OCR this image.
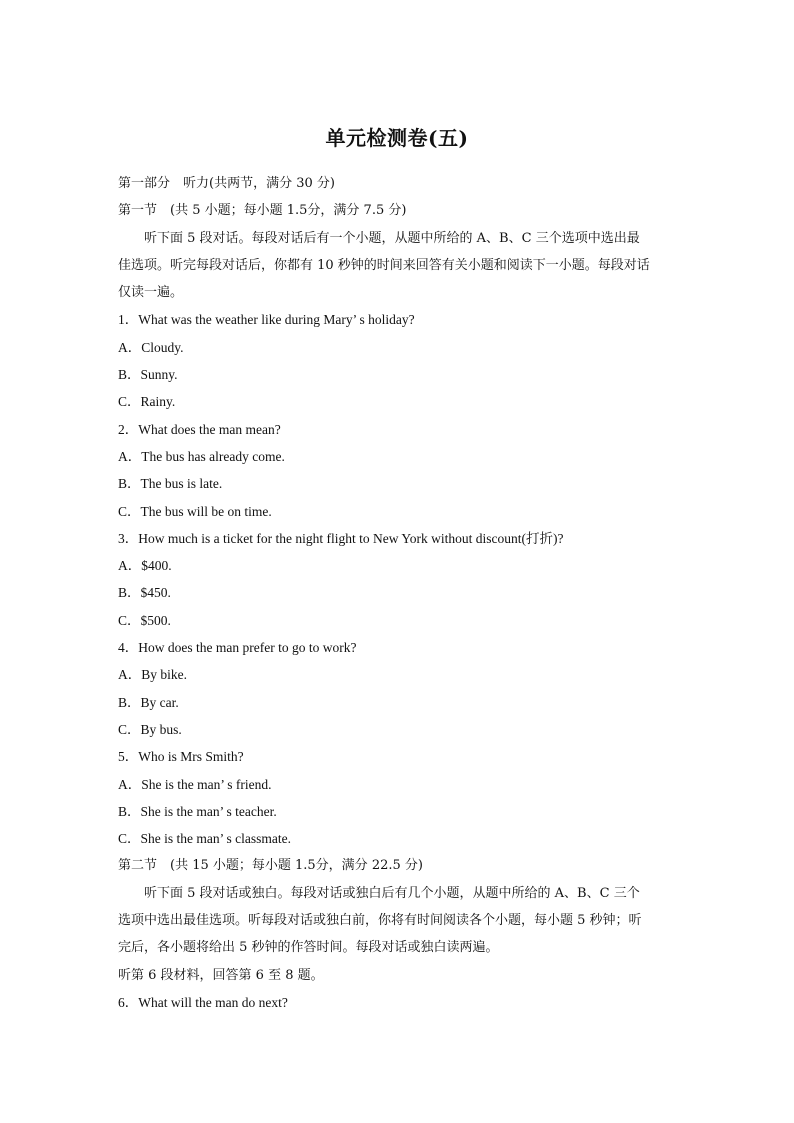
单元检测卷(五)
第一部分　听力(共两节，满分 30 分)
第一节　(共 5 小题；每小题 1.5分，满分 7.5 分)
听下面 5 段对话。每段对话后有一个小题，从题中所给的 A、B、C 三个选项中选出最
佳选项。听完每段对话后，你都有 10 秒钟的时间来回答有关小题和阅读下一小题。每段对话
仅读一遍。
1．What was the weather like during Mary’ s holiday?
A．Cloudy.
B．Sunny.
C．Rainy.
2．What does the man mean?
A．The bus has already come.
B．The bus is late.
C．The bus will be on time.
3．How much is a ticket for the night flight to New York without discount(打折)?
A．$400.
B．$450.
C．$500.
4．How does the man prefer to go to work?
A．By bike.
B．By car.
C．By bus.
5．Who is Mrs Smith?
A．She is the man’ s friend.
B．She is the man’ s teacher.
C．She is the man’ s classmate.
第二节　(共 15 小题；每小题 1.5分，满分 22.5 分)
听下面 5 段对话或独白。每段对话或独白后有几个小题，从题中所给的 A、B、C 三个
选项中选出最佳选项。听每段对话或独白前，你将有时间阅读各个小题，每小题 5 秒钟；听
完后，各小题将给出 5 秒钟的作答时间。每段对话或独白读两遍。
听第 6 段材料，回答第 6 至 8 题。
6．What will the man do next?
